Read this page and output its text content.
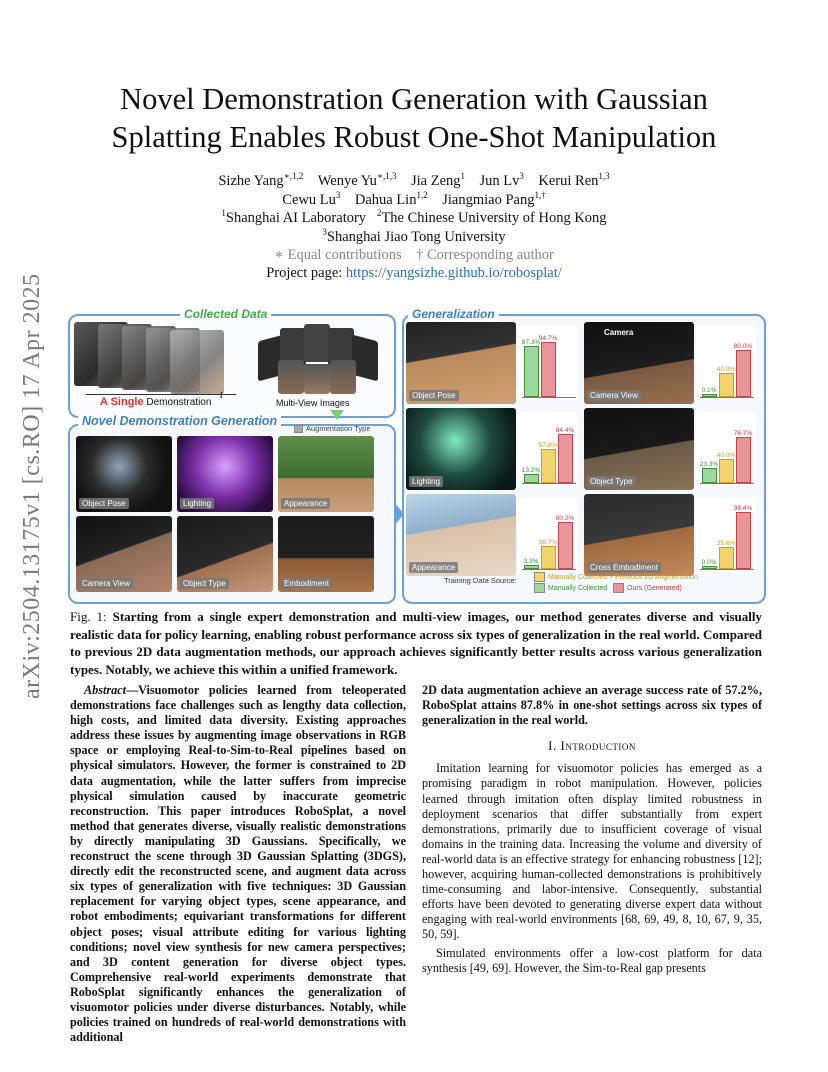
arXiv:2504.13175v1 [cs.RO] 17 Apr 2025
Novel Demonstration Generation with Gaussian
Splatting Enables Robust One-Shot Manipulation
Sizhe Yang$^{∗,1,2}$ Wenye $Yu^{∗,1,3}$ Jia Zeng$^1$ Jun Lv$^3$ Kerui Ren$^{1,3}$
Cewu Lu$^3$ Dahua Lin$^{1,2}$ Jiangmiao Pang$^{1,\dagger}$
$^1$Shanghai AI Laboratory $^2$The Chinese University of Hong Kong
$^3$Shanghai Jiao Tong University
∗ Equal contributions † Corresponding author
Project page: https://yangsizhe.github.io/robosplat/
Collected Data
A Single Demonstration
t
Multi-View Images
Novel Demonstration Generation
Augmentation Type
Object Pose	Lighting	Appearance
Camera View	Object Type	Embodiment
Generalization
Object Pose
87.3%
94.7%
Camera View
Camera
0.1%
40.0%
80.0%
Lighting
13.2%
57.8%
84.4%
Object Type
23.3%
40.0%
78.7%
Appearance
3.3%
36.7%
80.2%
Cross Embodiment
0.0%
35.6%
98.4%
Training Data Source:	Manually Collected + Previous 2D Augmentation
Manually Collected	Ours (Generated)
Fig. 1: Starting from a single expert demonstration and multi-view images, our method generates diverse and visually realistic data for policy learning, enabling robust performance across six types of generalization in the real world. Compared to previous 2D data augmentation methods, our approach achieves significantly better results across various generalization types. Notably, we achieve this within a unified framework.

Abstract—Visuomotor policies learned from teleoperated demonstrations face challenges such as lengthy data collection, high costs, and limited data diversity. Existing approaches address these issues by augmenting image observations in RGB space or employing Real-to-Sim-to-Real pipelines based on physical simulators. However, the former is constrained to 2D data augmentation, while the latter suffers from imprecise physical simulation caused by inaccurate geometric reconstruction. This paper introduces RoboSplat, a novel method that generates diverse, visually realistic demonstrations by directly manipulating 3D Gaussians. Specifically, we reconstruct the scene through 3D Gaussian Splatting (3DGS), directly edit the reconstructed scene, and augment data across six types of generalization with five techniques: 3D Gaussian replacement for varying object types, scene appearance, and robot embodiments; equivariant transformations for different object poses; visual attribute editing for various lighting conditions; novel view synthesis for new camera perspectives; and 3D content generation for diverse object types. Comprehensive real-world experiments demonstrate that RoboSplat significantly enhances the generalization of visuomotor policies under diverse disturbances. Notably, while policies trained on hundreds of real-world demonstrations with additional

2D data augmentation achieve an average success rate of 57.2%, RoboSplat attains 87.8% in one-shot settings across six types of generalization in the real world.

I. Introduction

Imitation learning for visuomotor policies has emerged as a promising paradigm in robot manipulation. However, policies learned through imitation often display limited robustness in deployment scenarios that differ substantially from expert demonstrations, primarily due to insufficient coverage of visual domains in the training data. Increasing the volume and diversity of real-world data is an effective strategy for enhancing robustness [12]; however, acquiring human-collected demonstrations is prohibitively time-consuming and labor-intensive. Consequently, substantial efforts have been devoted to generating diverse expert data without engaging with real-world environments [68, 69, 49, 8, 10, 67, 9, 35, 50, 59].

Simulated environments offer a low-cost platform for data synthesis [49, 69]. However, the Sim-to-Real gap presents
